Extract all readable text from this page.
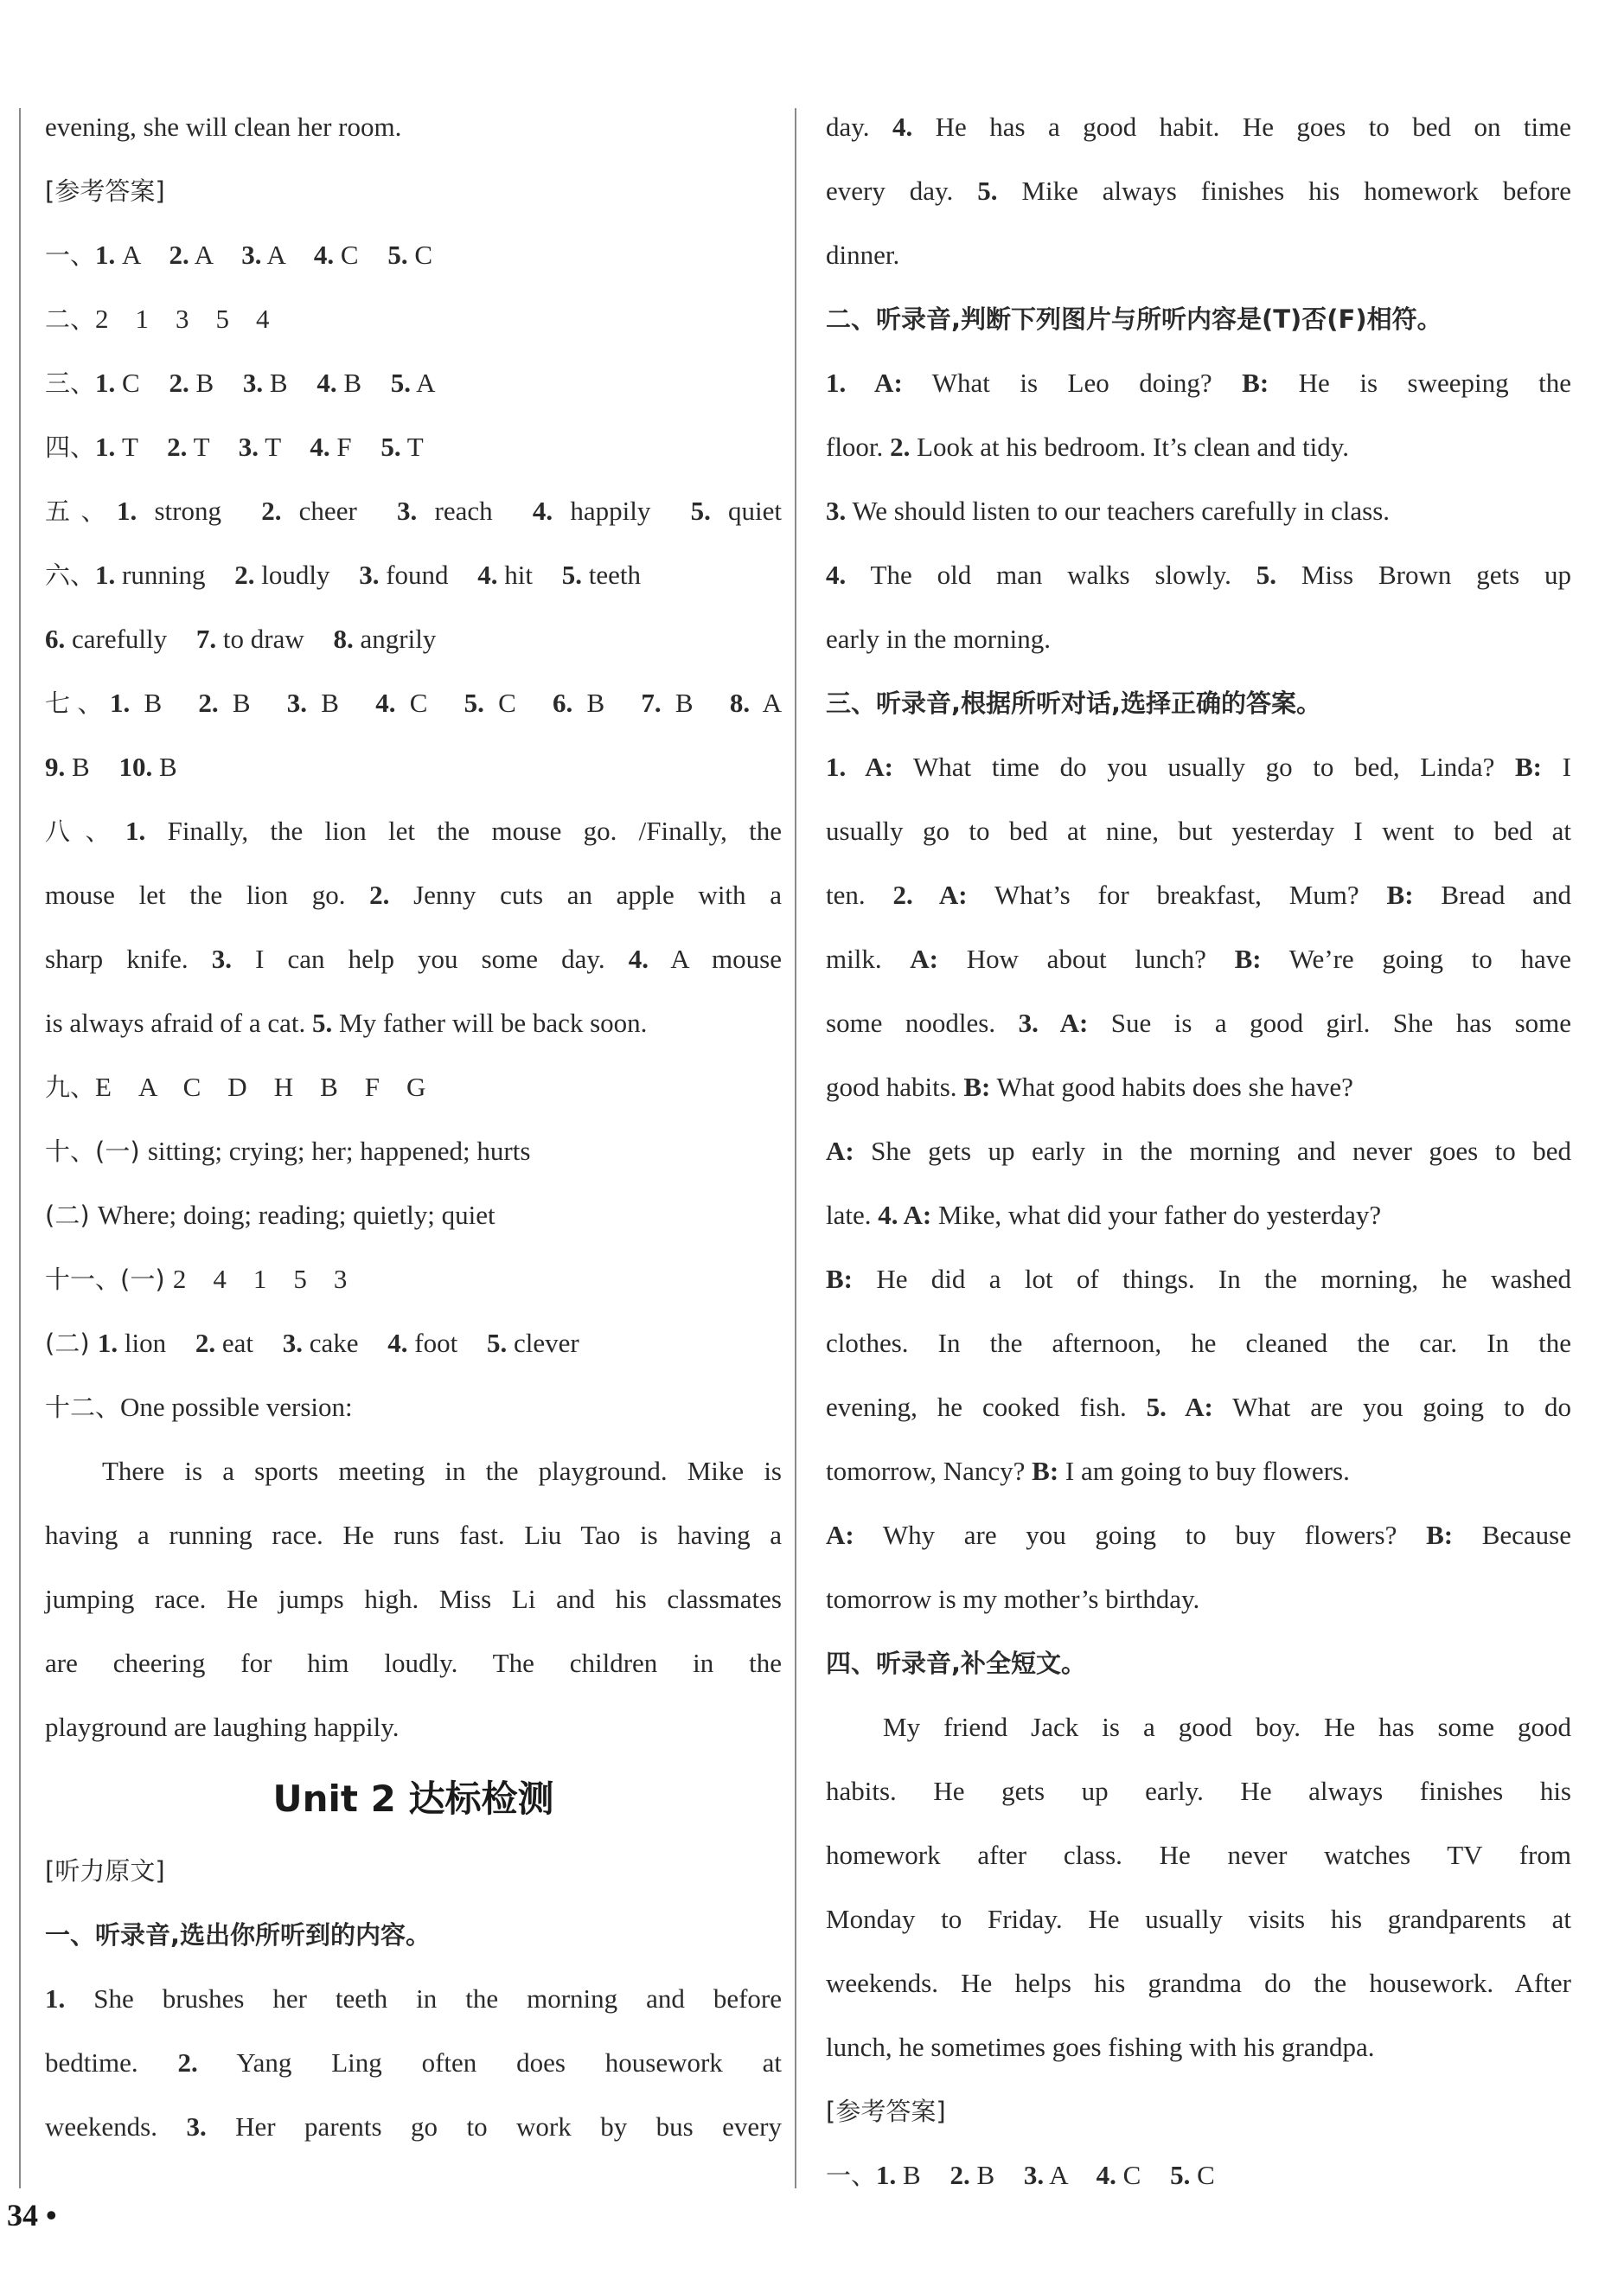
evening, she will clean her room.
[参考答案]
一、1. A 2. A 3. A 4. C 5. C
二、2　1　3　5　4
三、1. C 2. B 3. B 4. B 5. A
四、1. T 2. T 3. T 4. F 5. T
五、1. strong 2. cheer 3. reach 4. happily 5. quiet
六、1. running 2. loudly 3. found 4. hit 5. teeth
6. carefully 7. to draw 8. angrily
七、1. B 2. B 3. B 4. C 5. C 6. B 7. B 8. A
9. B 10. B
八、1. Finally, the lion let the mouse go. /Finally, the
mouse let the lion go. 2. Jenny cuts an apple with a
sharp knife. 3. I can help you some day. 4. A mouse
is always afraid of a cat. 5. My father will be back soon.
九、E　A　C　D　H　B　F　G
十、(一) sitting; crying; her; happened; hurts
(二) Where; doing; reading; quietly; quiet
十一、(一) 2　4　1　5　3
(二) 1. lion 2. eat 3. cake 4. foot 5. clever
十二、One possible version:
There is a sports meeting in the playground. Mike is
having a running race. He runs fast. Liu Tao is having a
jumping race. He jumps high. Miss Li and his classmates
are cheering for him loudly. The children in the
playground are laughing happily.
Unit 2 达标检测
[听力原文]
一、听录音,选出你所听到的内容。
1. She brushes her teeth in the morning and before
bedtime. 2. Yang Ling often does housework at
weekends. 3. Her parents go to work by bus every
day. 4. He has a good habit. He goes to bed on time
every day. 5. Mike always finishes his homework before
dinner.
二、听录音,判断下列图片与所听内容是(T)否(F)相符。
1. A: What is Leo doing? B: He is sweeping the
floor. 2. Look at his bedroom. It’s clean and tidy.
3. We should listen to our teachers carefully in class.
4. The old man walks slowly. 5. Miss Brown gets up
early in the morning.
三、听录音,根据所听对话,选择正确的答案。
1. A: What time do you usually go to bed, Linda? B: I
usually go to bed at nine, but yesterday I went to bed at
ten. 2. A: What’s for breakfast, Mum? B: Bread and
milk. A: How about lunch? B: We’re going to have
some noodles. 3. A: Sue is a good girl. She has some
good habits. B: What good habits does she have?
A: She gets up early in the morning and never goes to bed
late. 4. A: Mike, what did your father do yesterday?
B: He did a lot of things. In the morning, he washed
clothes. In the afternoon, he cleaned the car. In the
evening, he cooked fish. 5. A: What are you going to do
tomorrow, Nancy? B: I am going to buy flowers.
A: Why are you going to buy flowers? B: Because
tomorrow is my mother’s birthday.
四、听录音,补全短文。
My friend Jack is a good boy. He has some good
habits. He gets up early. He always finishes his
homework after class. He never watches TV from
Monday to Friday. He usually visits his grandparents at
weekends. He helps his grandma do the housework. After
lunch, he sometimes goes fishing with his grandpa.
[参考答案]
一、1. B 2. B 3. A 4. C 5. C
34 •
